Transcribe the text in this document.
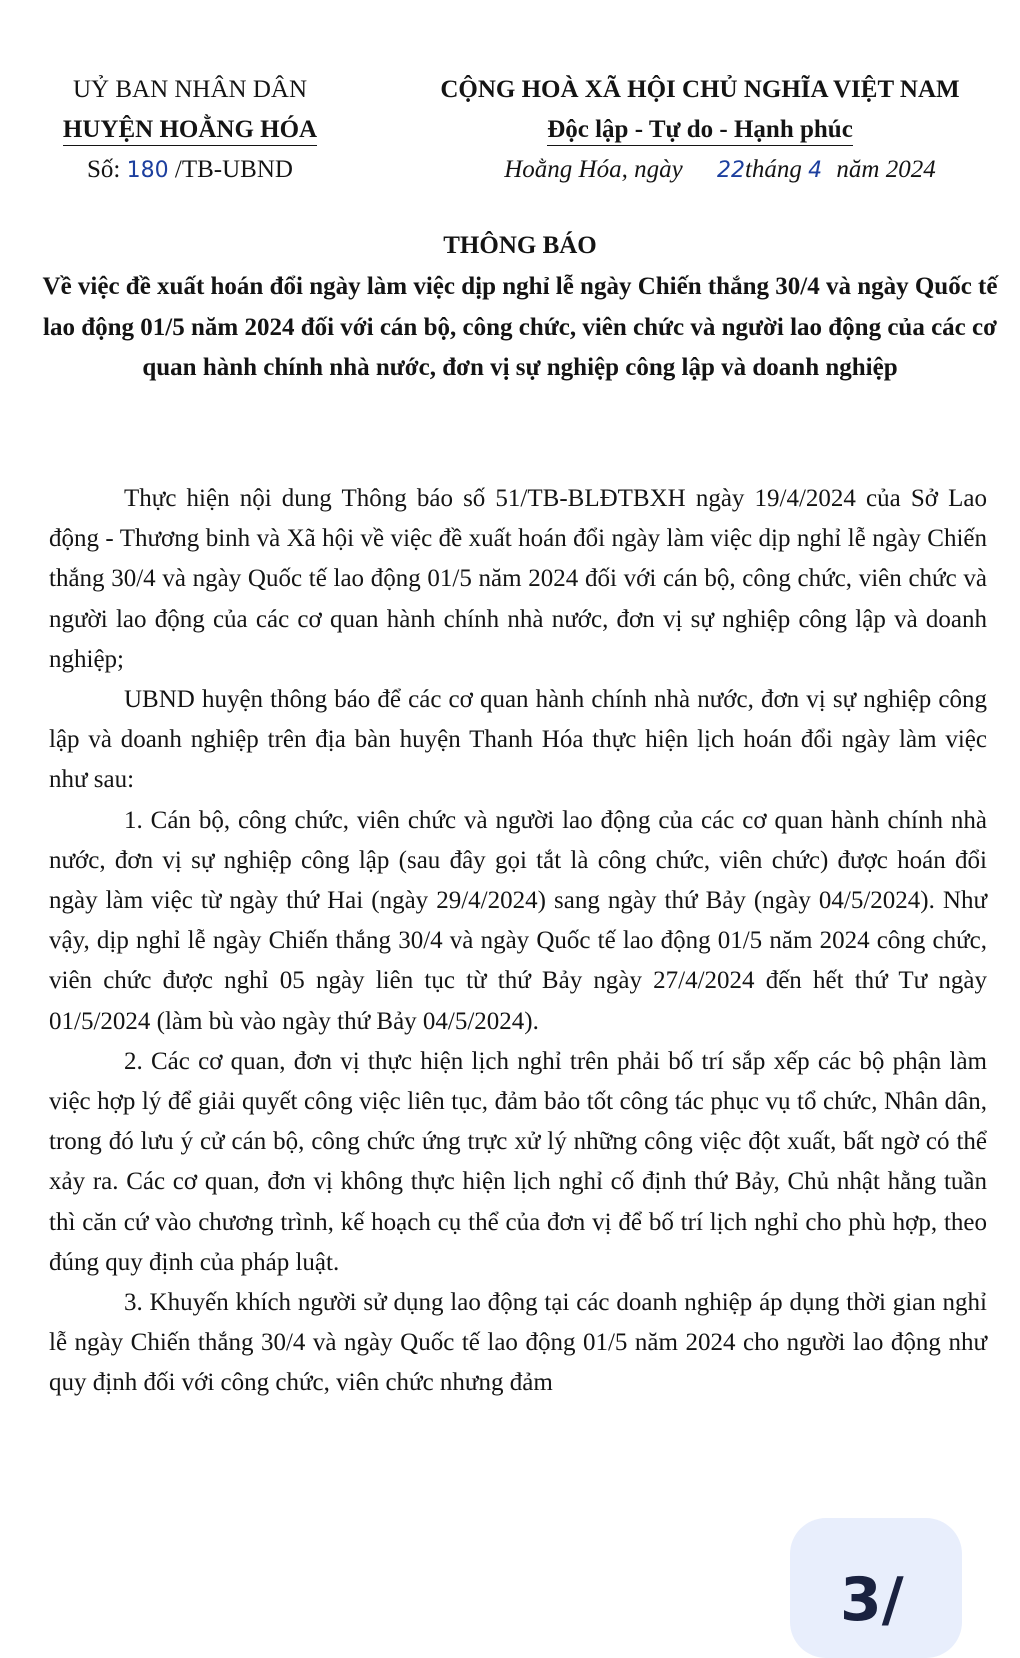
UỶ BAN NHÂN DÂN
HUYỆN HOẰNG HÓA
Số: 180 /TB-UBND
CỘNG HOÀ XÃ HỘI CHỦ NGHĨA VIỆT NAM
Độc lập - Tự do - Hạnh phúc
Hoằng Hóa, ngày 22tháng 4 năm 2024
THÔNG BÁO

Về việc đề xuất hoán đổi ngày làm việc dịp nghỉ lễ ngày Chiến thắng 30/4 và ngày Quốc tế lao động 01/5 năm 2024 đối với cán bộ, công chức, viên chức và người lao động của các cơ quan hành chính nhà nước, đơn vị sự nghiệp công lập và doanh nghiệp

Thực hiện nội dung Thông báo số 51/TB-BLĐTBXH ngày 19/4/2024 của Sở Lao động - Thương binh và Xã hội về việc đề xuất hoán đổi ngày làm việc dịp nghỉ lễ ngày Chiến thắng 30/4 và ngày Quốc tế lao động 01/5 năm 2024 đối với cán bộ, công chức, viên chức và người lao động của các cơ quan hành chính nhà nước, đơn vị sự nghiệp công lập và doanh nghiệp;

UBND huyện thông báo để các cơ quan hành chính nhà nước, đơn vị sự nghiệp công lập và doanh nghiệp trên địa bàn huyện Thanh Hóa thực hiện lịch hoán đổi ngày làm việc như sau:

1. Cán bộ, công chức, viên chức và người lao động của các cơ quan hành chính nhà nước, đơn vị sự nghiệp công lập (sau đây gọi tắt là công chức, viên chức) được hoán đổi ngày làm việc từ ngày thứ Hai (ngày 29/4/2024) sang ngày thứ Bảy (ngày 04/5/2024). Như vậy, dịp nghỉ lễ ngày Chiến thắng 30/4 và ngày Quốc tế lao động 01/5 năm 2024 công chức, viên chức được nghỉ 05 ngày liên tục từ thứ Bảy ngày 27/4/2024 đến hết thứ Tư ngày 01/5/2024 (làm bù vào ngày thứ Bảy 04/5/2024).

2. Các cơ quan, đơn vị thực hiện lịch nghỉ trên phải bố trí sắp xếp các bộ phận làm việc hợp lý để giải quyết công việc liên tục, đảm bảo tốt công tác phục vụ tổ chức, Nhân dân, trong đó lưu ý cử cán bộ, công chức ứng trực xử lý những công việc đột xuất, bất ngờ có thể xảy ra. Các cơ quan, đơn vị không thực hiện lịch nghỉ cố định thứ Bảy, Chủ nhật hằng tuần thì căn cứ vào chương trình, kế hoạch cụ thể của đơn vị để bố trí lịch nghỉ cho phù hợp, theo đúng quy định của pháp luật.

3. Khuyến khích người sử dụng lao động tại các doanh nghiệp áp dụng thời gian nghỉ lễ ngày Chiến thắng 30/4 và ngày Quốc tế lao động 01/5 năm 2024 cho người lao động như quy định đối với công chức, viên chức nhưng đảm

3/
